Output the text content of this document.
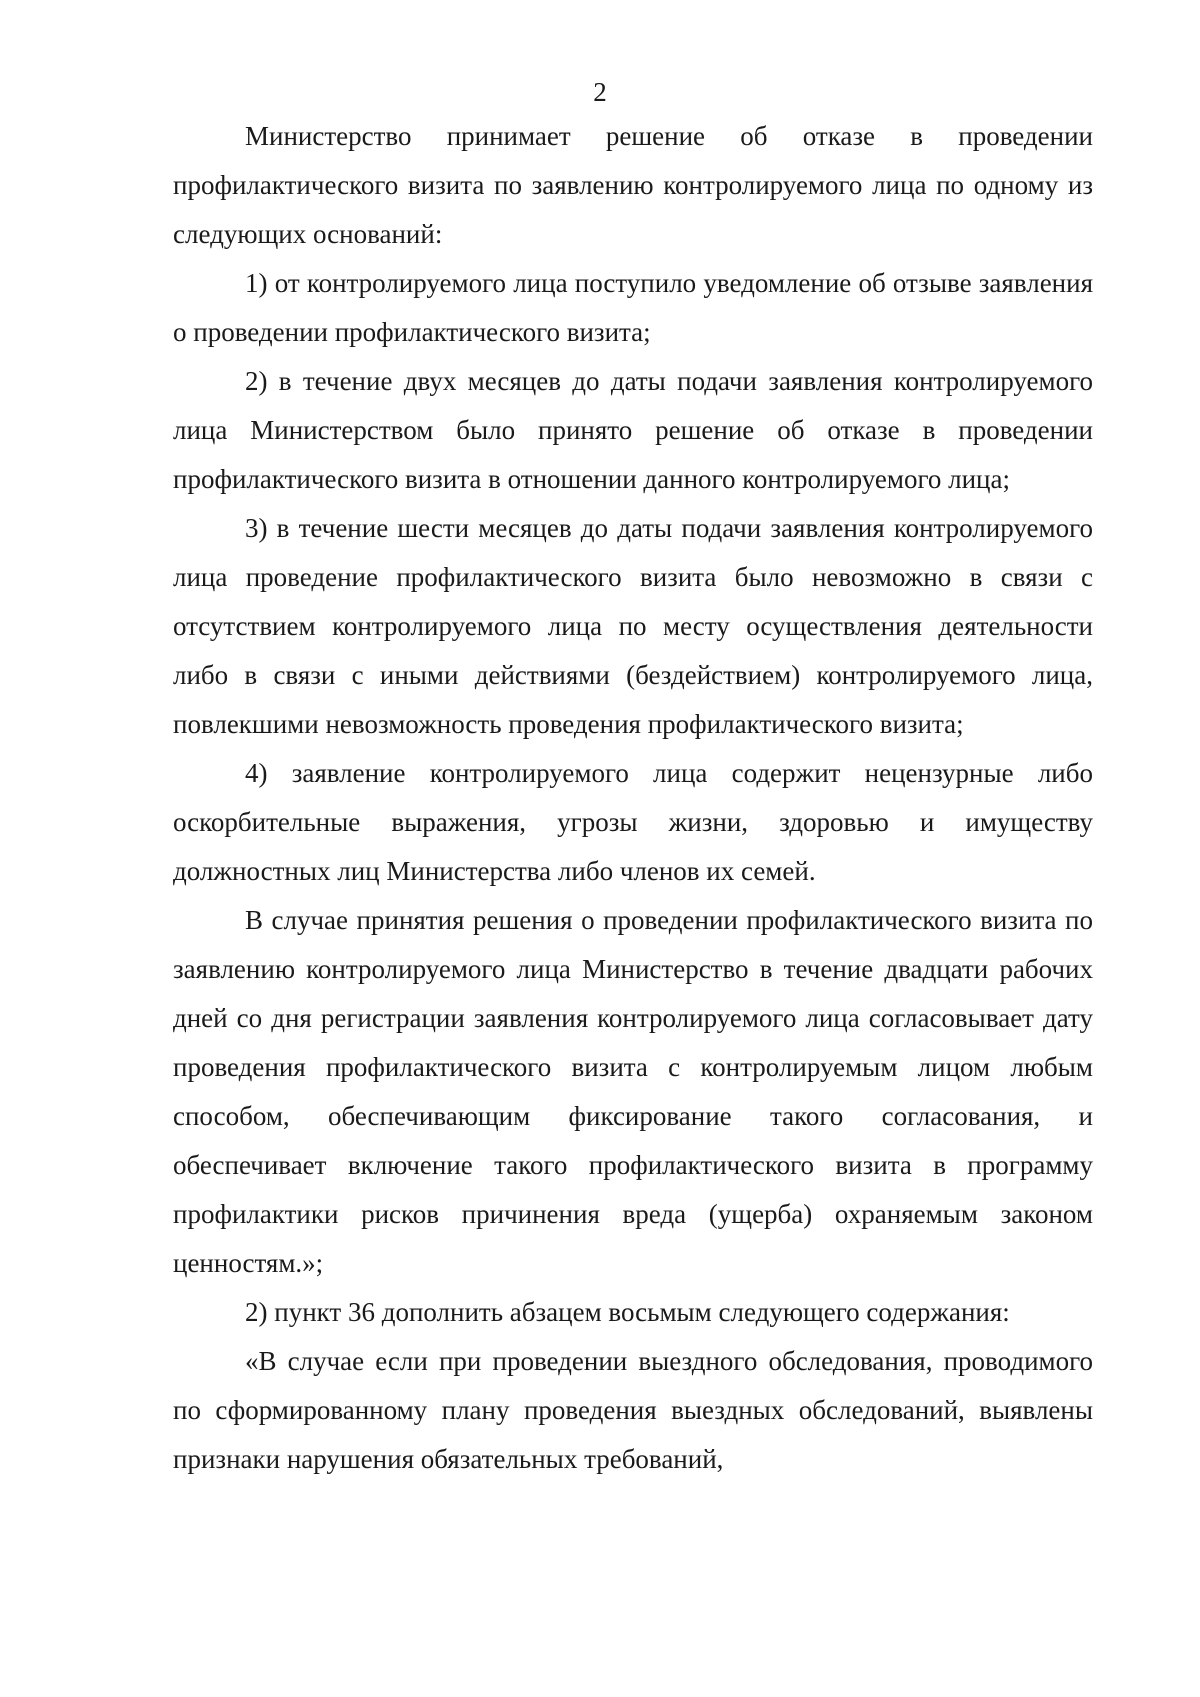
2

Министерство принимает решение об отказе в проведении профилактического визита по заявлению контролируемого лица по одному из следующих оснований:

1) от контролируемого лица поступило уведомление об отзыве заявления о проведении профилактического визита;

2) в течение двух месяцев до даты подачи заявления контролируемого лица Министерством было принято решение об отказе в проведении профилактического визита в отношении данного контролируемого лица;

3) в течение шести месяцев до даты подачи заявления контролируемого лица проведение профилактического визита было невозможно в связи с отсутствием контролируемого лица по месту осуществления деятельности либо в связи с иными действиями (бездействием) контролируемого лица, повлекшими невозможность проведения профилактического визита;

4) заявление контролируемого лица содержит нецензурные либо оскорбительные выражения, угрозы жизни, здоровью и имуществу должностных лиц Министерства либо членов их семей.

В случае принятия решения о проведении профилактического визита по заявлению контролируемого лица Министерство в течение двадцати рабочих дней со дня регистрации заявления контролируемого лица согласовывает дату проведения профилактического визита с контролируемым лицом любым способом, обеспечивающим фиксирование такого согласования, и обеспечивает включение такого профилактического визита в программу профилактики рисков причинения вреда (ущерба) охраняемым законом ценностям.»;

2) пункт 36 дополнить абзацем восьмым следующего содержания:

«В случае если при проведении выездного обследования, проводимого по сформированному плану проведения выездных обследований, выявлены признаки нарушения обязательных требований,
